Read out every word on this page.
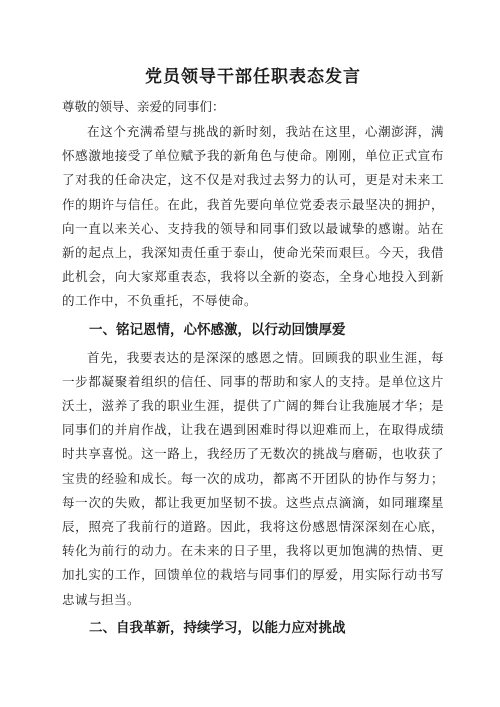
党员领导干部任职表态发言
尊敬的领导、亲爱的同事们：

在这个充满希望与挑战的新时刻，我站在这里，心潮澎湃，满怀感激地接受了单位赋予我的新角色与使命。刚刚，单位正式宣布了对我的任命决定，这不仅是对我过去努力的认可，更是对未来工作的期许与信任。在此，我首先要向单位党委表示最坚决的拥护，向一直以来关心、支持我的领导和同事们致以最诚挚的感谢。站在新的起点上，我深知责任重于泰山，使命光荣而艰巨。今天，我借此机会，向大家郑重表态，我将以全新的姿态，全身心地投入到新的工作中，不负重托，不辱使命。

一、铭记恩情，心怀感激，以行动回馈厚爱

首先，我要表达的是深深的感恩之情。回顾我的职业生涯，每一步都凝聚着组织的信任、同事的帮助和家人的支持。是单位这片沃土，滋养了我的职业生涯，提供了广阔的舞台让我施展才华；是同事们的并肩作战，让我在遇到困难时得以迎难而上，在取得成绩时共享喜悦。这一路上，我经历了无数次的挑战与磨砺，也收获了宝贵的经验和成长。每一次的成功，都离不开团队的协作与努力；每一次的失败，都让我更加坚韧不拔。这些点点滴滴，如同璀璨星辰，照亮了我前行的道路。因此，我将这份感恩情深深刻在心底，转化为前行的动力。在未来的日子里，我将以更加饱满的热情、更加扎实的工作，回馈单位的栽培与同事们的厚爱，用实际行动书写忠诚与担当。

二、自我革新，持续学习，以能力应对挑战
